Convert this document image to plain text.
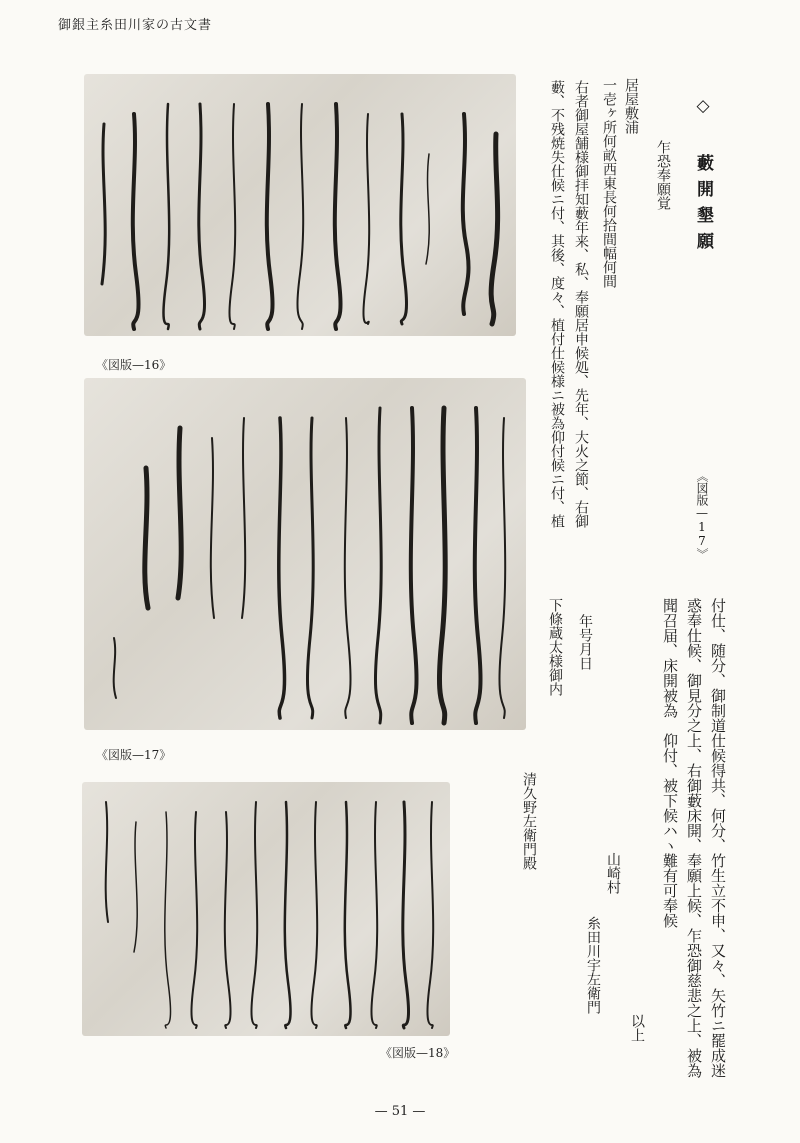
御銀主糸田川家の古文書
《図版—16》
《図版—17》
《図版—18》
◇ 藪開墾願
乍恐奉願覚
《図版—17》
居屋敷浦
一壱ヶ所何畝西東長何拾間幅何間
右者御屋舗様御拝知藪年来、私、奉願居申候処、先年、大火之節、右御
藪、不残焼失仕候ニ付、其後、度々、植付仕候様ニ被為仰付候ニ付、植
付仕、随分、御制道仕候得共、何分、竹生立不申、又々、矢竹ニ罷成迷
惑奉仕候、御見分之上、右御藪床開、奉願上候、乍恐御慈悲之上、被為
聞召届、床開被為　仰付、被下候ハヽ難有可奉候
以上
山崎村
糸田川宇左衛門
年号月日
下條蔵太様御内
清久野左衛門殿
— 51 —
